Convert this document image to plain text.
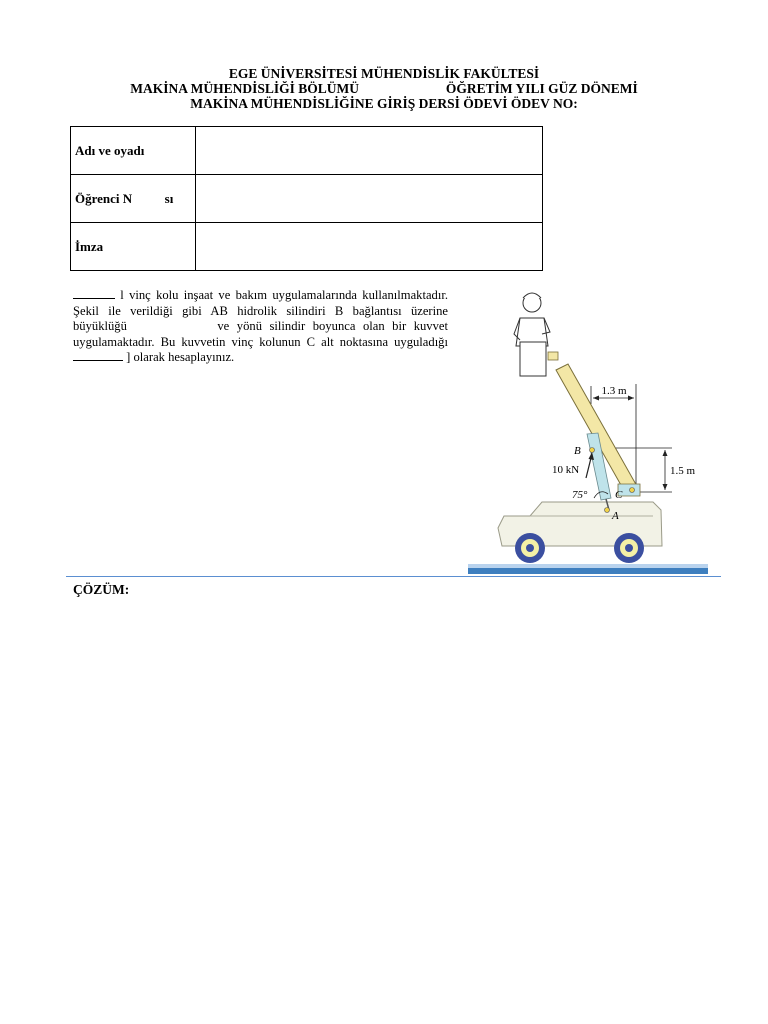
EGE ÜNİVERSİTESİ MÜHENDİSLİK FAKÜLTESİ
MAKİNA MÜHENDİSLİĞİ BÖLÜMÜ	ÖĞRETİM YILI GÜZ DÖNEMİ
MAKİNA MÜHENDİSLİĞİNE GİRİŞ DERSİ ÖDEVİ ÖDEV NO:
Adı ve oyadı	
Öğrenci N          sı	
İmza	

l vinç kolu inşaat ve bakım uygulamalarında kullanılmaktadır. Şekil ile verildiği gibi AB hidrolik silindiri B bağlantısı üzerine büyüklüğü            ve yönü silindir boyunca olan bir kuvvet uygulamaktadır. Bu kuvvetin vinç kolunun C alt noktasına uyguladığı  ] olarak hesaplayınız.

1.3 m
1.5 m
10 kN
75°
B
C
A
ÇÖZÜM:
